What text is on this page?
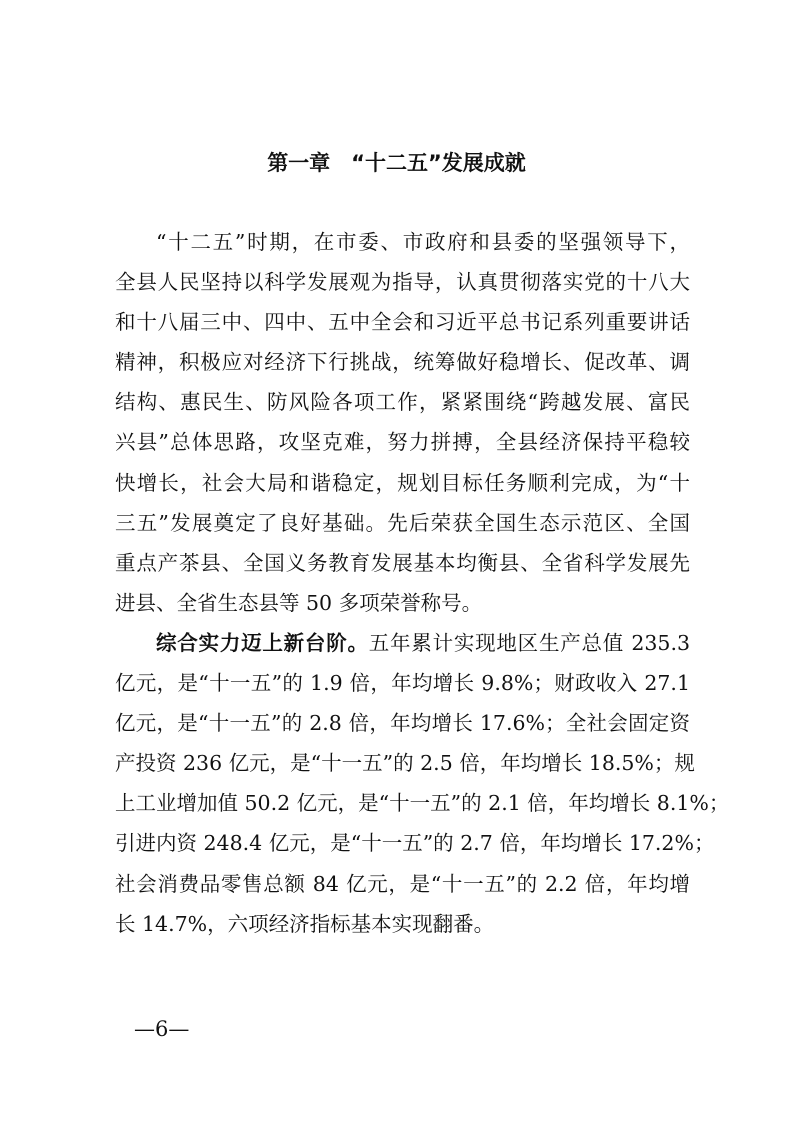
第一章　“十二五”发展成就
“十二五”时期，在市委、市政府和县委的坚强领导下，
全县人民坚持以科学发展观为指导，认真贯彻落实党的十八大
和十八届三中、四中、五中全会和习近平总书记系列重要讲话
精神，积极应对经济下行挑战，统筹做好稳增长、促改革、调
结构、惠民生、防风险各项工作，紧紧围绕“跨越发展、富民
兴县”总体思路，攻坚克难，努力拼搏，全县经济保持平稳较
快增长，社会大局和谐稳定，规划目标任务顺利完成，为“十
三五”发展奠定了良好基础。先后荣获全国生态示范区、全国
重点产茶县、全国义务教育发展基本均衡县、全省科学发展先
进县、全省生态县等 50 多项荣誉称号。
综合实力迈上新台阶。五年累计实现地区生产总值 235.3
亿元，是“十一五”的 1.9 倍，年均增长 9.8%；财政收入 27.1
亿元，是“十一五”的 2.8 倍，年均增长 17.6%；全社会固定资
产投资 236 亿元，是“十一五”的 2.5 倍，年均增长 18.5%；规
上工业增加值 50.2 亿元，是“十一五”的 2.1 倍，年均增长 8.1%；
引进内资 248.4 亿元，是“十一五”的 2.7 倍，年均增长 17.2%；
社会消费品零售总额 84 亿元，是“十一五”的 2.2 倍，年均增
长 14.7%，六项经济指标基本实现翻番。
—6—
